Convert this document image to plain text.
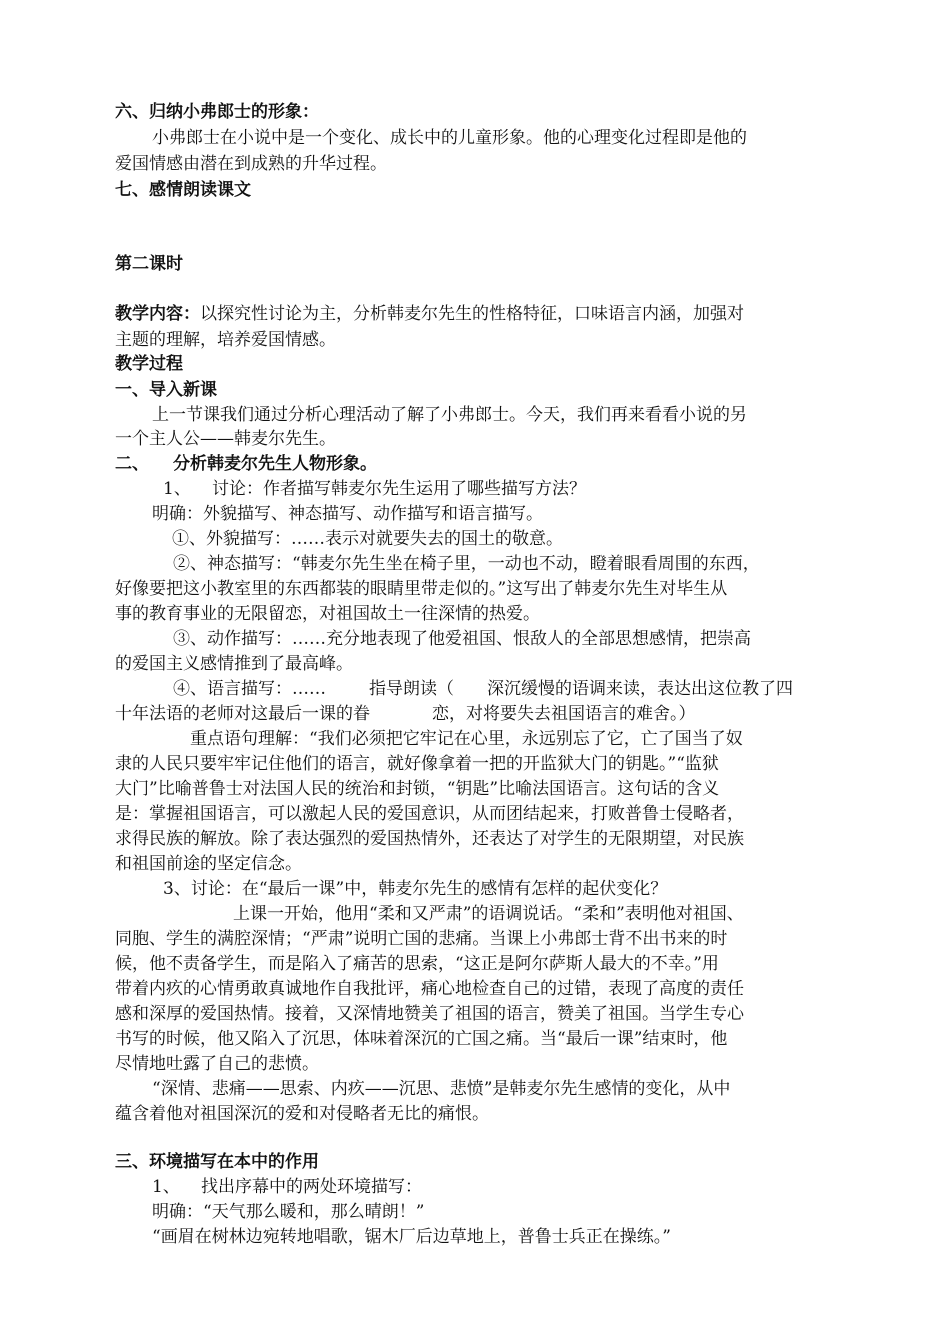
六、归纳小弗郎士的形象：
小弗郎士在小说中是一个变化、成长中的儿童形象。他的心理变化过程即是他的
爱国情感由潜在到成熟的升华过程。
七、感情朗读课文
第二课时
教学内容：以探究性讨论为主，分析韩麦尔先生的性格特征，口味语言内涵，加强对
主题的理解，培养爱国情感。
教学过程
一、导入新课
上一节课我们通过分析心理活动了解了小弗郎士。今天，我们再来看看小说的另
一个主人公——韩麦尔先生。
二、 分析韩麦尔先生人物形象。
1、 讨论：作者描写韩麦尔先生运用了哪些描写方法？
明确：外貌描写、神态描写、动作描写和语言描写。
①、外貌描写：……表示对就要失去的国土的敬意。
②、神态描写：“韩麦尔先生坐在椅子里，一动也不动，瞪着眼看周围的东西，
好像要把这小教室里的东西都装的眼睛里带走似的。”这写出了韩麦尔先生对毕生从
事的教育事业的无限留恋，对祖国故土一往深情的热爱。
③、动作描写：……充分地表现了他爱祖国、恨敌人的全部思想感情，把崇高
的爱国主义感情推到了最高峰。
④、语言描写：……	指导朗读（ 深沉缓慢的语调来读，表达出这位教了四
十年法语的老师对这最后一课的眷	恋，对将要失去祖国语言的难舍。）
重点语句理解：“我们必须把它牢记在心里，永远别忘了它，亡了国当了奴
隶的人民只要牢牢记住他们的语言，就好像拿着一把的开监狱大门的钥匙。”“监狱
大门”比喻普鲁士对法国人民的统治和封锁，“钥匙”比喻法国语言。这句话的含义
是：掌握祖国语言，可以激起人民的爱国意识，从而团结起来，打败普鲁士侵略者，
求得民族的解放。除了表达强烈的爱国热情外，还表达了对学生的无限期望，对民族
和祖国前途的坚定信念。
3、讨论：在“最后一课”中，韩麦尔先生的感情有怎样的起伏变化？
上课一开始，他用“柔和又严肃”的语调说话。“柔和”表明他对祖国、
同胞、学生的满腔深情；“严肃”说明亡国的悲痛。当课上小弗郎士背不出书来的时
候，他不责备学生，而是陷入了痛苦的思索，“这正是阿尔萨斯人最大的不幸。”用
带着内疚的心情勇敢真诚地作自我批评，痛心地检查自己的过错，表现了高度的责任
感和深厚的爱国热情。接着，又深情地赞美了祖国的语言，赞美了祖国。当学生专心
书写的时候，他又陷入了沉思，体味着深沉的亡国之痛。当“最后一课”结束时，他
尽情地吐露了自己的悲愤。
“深情、悲痛——思索、内疚——沉思、悲愤”是韩麦尔先生感情的变化，从中
蕴含着他对祖国深沉的爱和对侵略者无比的痛恨。
三、环境描写在本中的作用
1、 找出序幕中的两处环境描写：
明确：“天气那么暖和，那么晴朗！”
“画眉在树林边宛转地唱歌，锯木厂后边草地上，普鲁士兵正在操练。”
